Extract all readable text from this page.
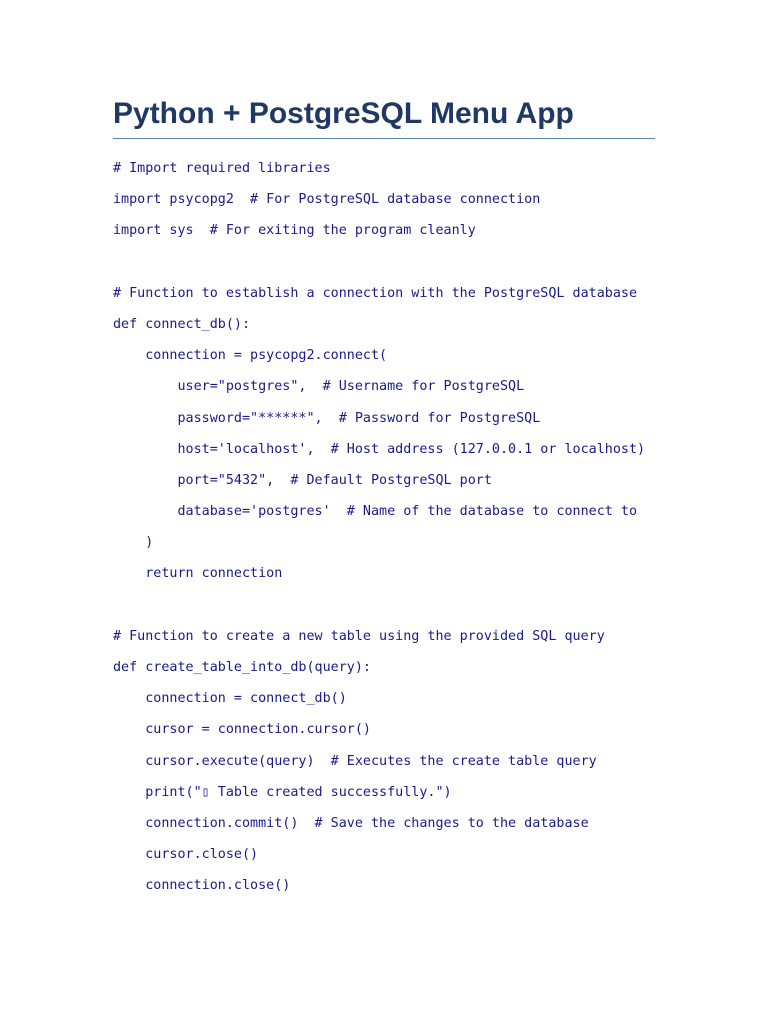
Python + PostgreSQL Menu App
# Import required libraries
import psycopg2  # For PostgreSQL database connection
import sys  # For exiting the program cleanly
# Function to establish a connection with the PostgreSQL database
def connect_db():
connection = psycopg2.connect(
user="postgres",  # Username for PostgreSQL
password="******",  # Password for PostgreSQL
host='localhost',  # Host address (127.0.0.1 or localhost)
port="5432",  # Default PostgreSQL port
database='postgres'  # Name of the database to connect to
)
return connection
# Function to create a new table using the provided SQL query
def create_table_into_db(query):
connection = connect_db()
cursor = connection.cursor()
cursor.execute(query)  # Executes the create table query
print("▯ Table created successfully.")
connection.commit()  # Save the changes to the database
cursor.close()
connection.close()
